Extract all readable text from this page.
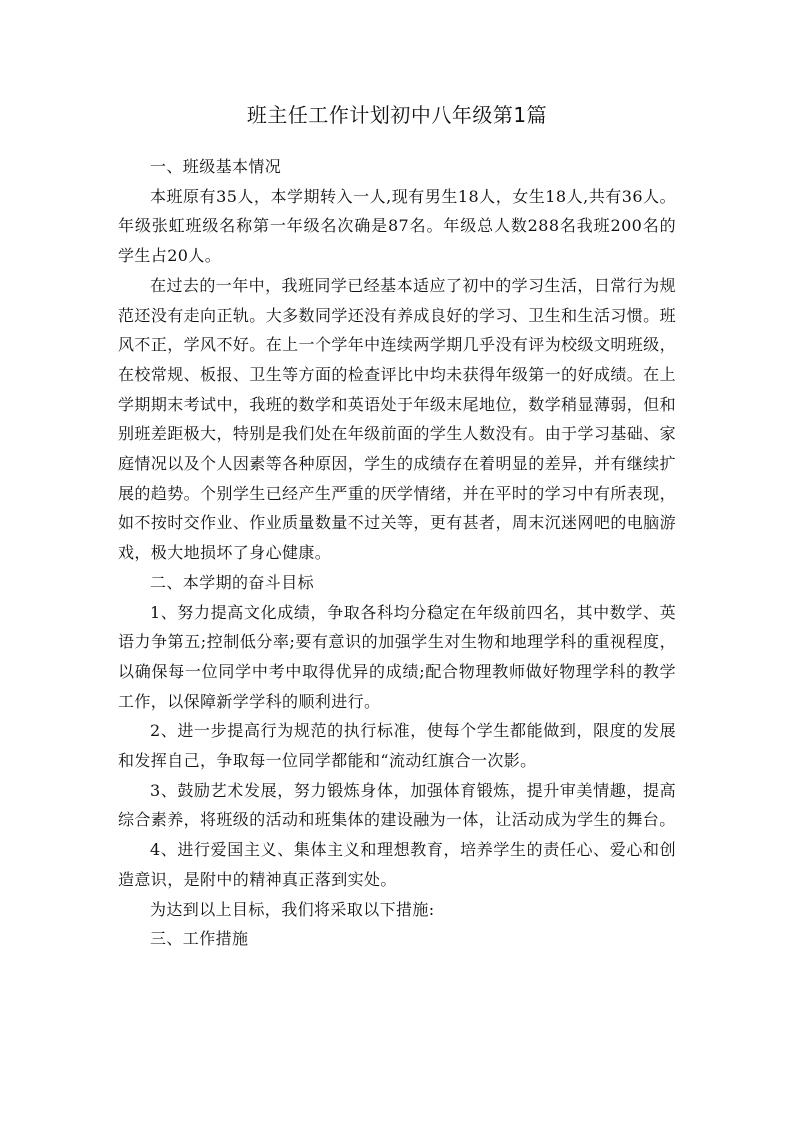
班主任工作计划初中八年级第1篇

一、班级基本情况

本班原有35人，本学期转入一人,现有男生18人，女生18人,共有36人。年级张虹班级名称第一年级名次确是87名。年级总人数288名我班200名的学生占20人。

在过去的一年中，我班同学已经基本适应了初中的学习生活，日常行为规范还没有走向正轨。大多数同学还没有养成良好的学习、卫生和生活习惯。班风不正，学风不好。在上一个学年中连续两学期几乎没有评为校级文明班级，在校常规、板报、卫生等方面的检查评比中均未获得年级第一的好成绩。在上学期期末考试中，我班的数学和英语处于年级末尾地位，数学稍显薄弱，但和别班差距极大，特别是我们处在年级前面的学生人数没有。由于学习基础、家庭情况以及个人因素等各种原因，学生的成绩存在着明显的差异，并有继续扩展的趋势。个别学生已经产生严重的厌学情绪，并在平时的学习中有所表现，如不按时交作业、作业质量数量不过关等，更有甚者，周末沉迷网吧的电脑游戏，极大地损坏了身心健康。

二、本学期的奋斗目标

1、努力提高文化成绩，争取各科均分稳定在年级前四名，其中数学、英语力争第五;控制低分率;要有意识的加强学生对生物和地理学科的重视程度，以确保每一位同学中考中取得优异的成绩;配合物理教师做好物理学科的教学工作，以保障新学学科的顺利进行。

2、进一步提高行为规范的执行标准，使每个学生都能做到，限度的发展和发挥自己，争取每一位同学都能和“流动红旗合一次影。

3、鼓励艺术发展，努力锻炼身体，加强体育锻炼，提升审美情趣，提高综合素养，将班级的活动和班集体的建设融为一体，让活动成为学生的舞台。

4、进行爱国主义、集体主义和理想教育，培养学生的责任心、爱心和创造意识，是附中的精神真正落到实处。

为达到以上目标，我们将采取以下措施:

三、工作措施
